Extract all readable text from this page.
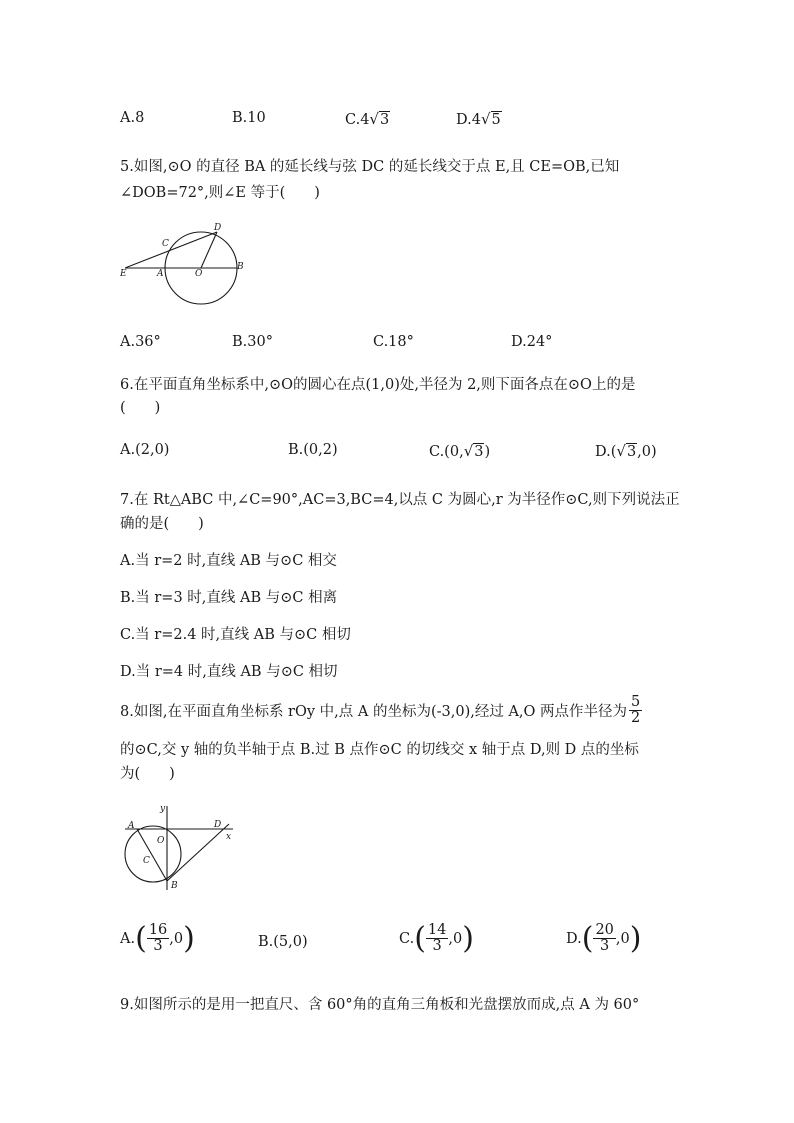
A.8	B.10	C.4√3	D.4√5
5.如图,⊙O 的直径 BA 的延长线与弦 DC 的延长线交于点 E,且 CE=OB,已知
∠DOB=72°,则∠E 等于(　　)
E	A
C
D
O
B
A.36°	B.30°	C.18°	D.24°
6.在平面直角坐标系中,⊙O的圆心在点(1,0)处,半径为 2,则下面各点在⊙O上的是
(　　)
A.(2,0)	B.(0,2)	C.(0,√3)	D.(√3,0)
7.在 Rt△ABC 中,∠C=90°,AC=3,BC=4,以点 C 为圆心,r 为半径作⊙C,则下列说法正
确的是(　　)
A.当 r=2 时,直线 AB 与⊙C 相交
B.当 r=3 时,直线 AB 与⊙C 相离
C.当 r=2.4 时,直线 AB 与⊙C 相切
D.当 r=4 时,直线 AB 与⊙C 相切
8.如图,在平面直角坐标系 rOy 中,点 A 的坐标为(-3,0),经过 A,O 两点作半径为 $\frac{5}{2}$
的⊙C,交 y 轴的负半轴于点 B.过 B 点作⊙C 的切线交 x 轴于点 D,则 D 点的坐标
为(　　)
y
x
A
O
D
C
B
A. ( $\frac{16}{3} ,0$ )	B.(5,0)	C. ( $\frac{14}{3} ,0$ )	D. ( $\frac{20}{3} ,0$ )
9.如图所示的是用一把直尺、含 60°角的直角三角板和光盘摆放而成,点 A 为 60°
